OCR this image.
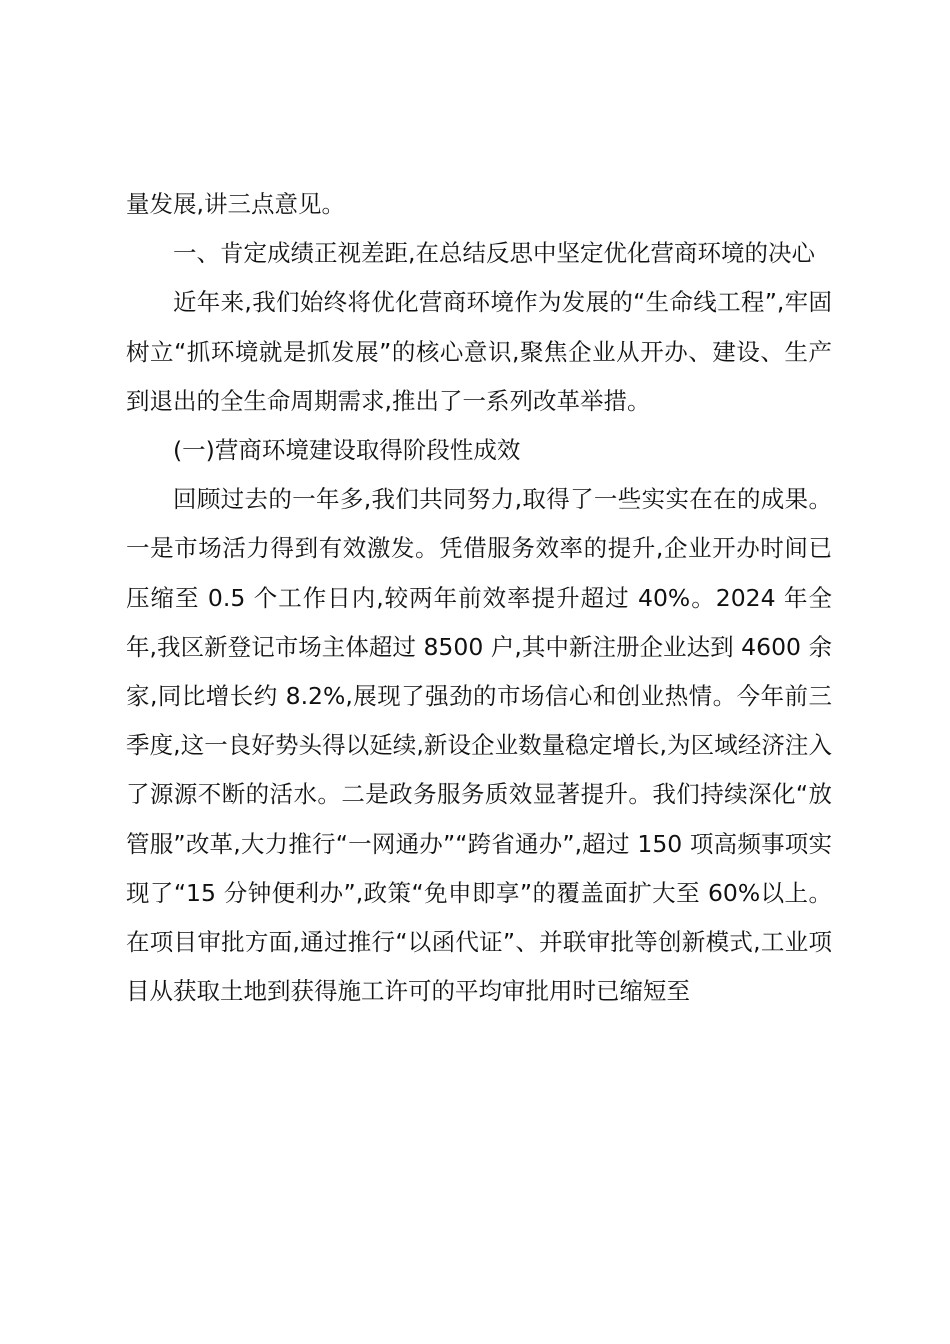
量发展,讲三点意见。

一、肯定成绩正视差距,在总结反思中坚定优化营商环境的决心

近年来,我们始终将优化营商环境作为发展的“生命线工程”,牢固树立“抓环境就是抓发展”的核心意识,聚焦企业从开办、建设、生产到退出的全生命周期需求,推出了一系列改革举措。

(一)营商环境建设取得阶段性成效

回顾过去的一年多,我们共同努力,取得了一些实实在在的成果。一是市场活力得到有效激发。凭借服务效率的提升,企业开办时间已压缩至 0.5 个工作日内,较两年前效率提升超过 40%。2024 年全年,我区新登记市场主体超过 8500 户,其中新注册企业达到 4600 余家,同比增长约 8.2%,展现了强劲的市场信心和创业热情。今年前三季度,这一良好势头得以延续,新设企业数量稳定增长,为区域经济注入了源源不断的活水。二是政务服务质效显著提升。我们持续深化“放管服”改革,大力推行“一网通办”“跨省通办”,超过 150 项高频事项实现了“15 分钟便利办”,政策“免申即享”的覆盖面扩大至 60%以上。在项目审批方面,通过推行“以函代证”、并联审批等创新模式,工业项目从获取土地到获得施工许可的平均审批用时已缩短至
